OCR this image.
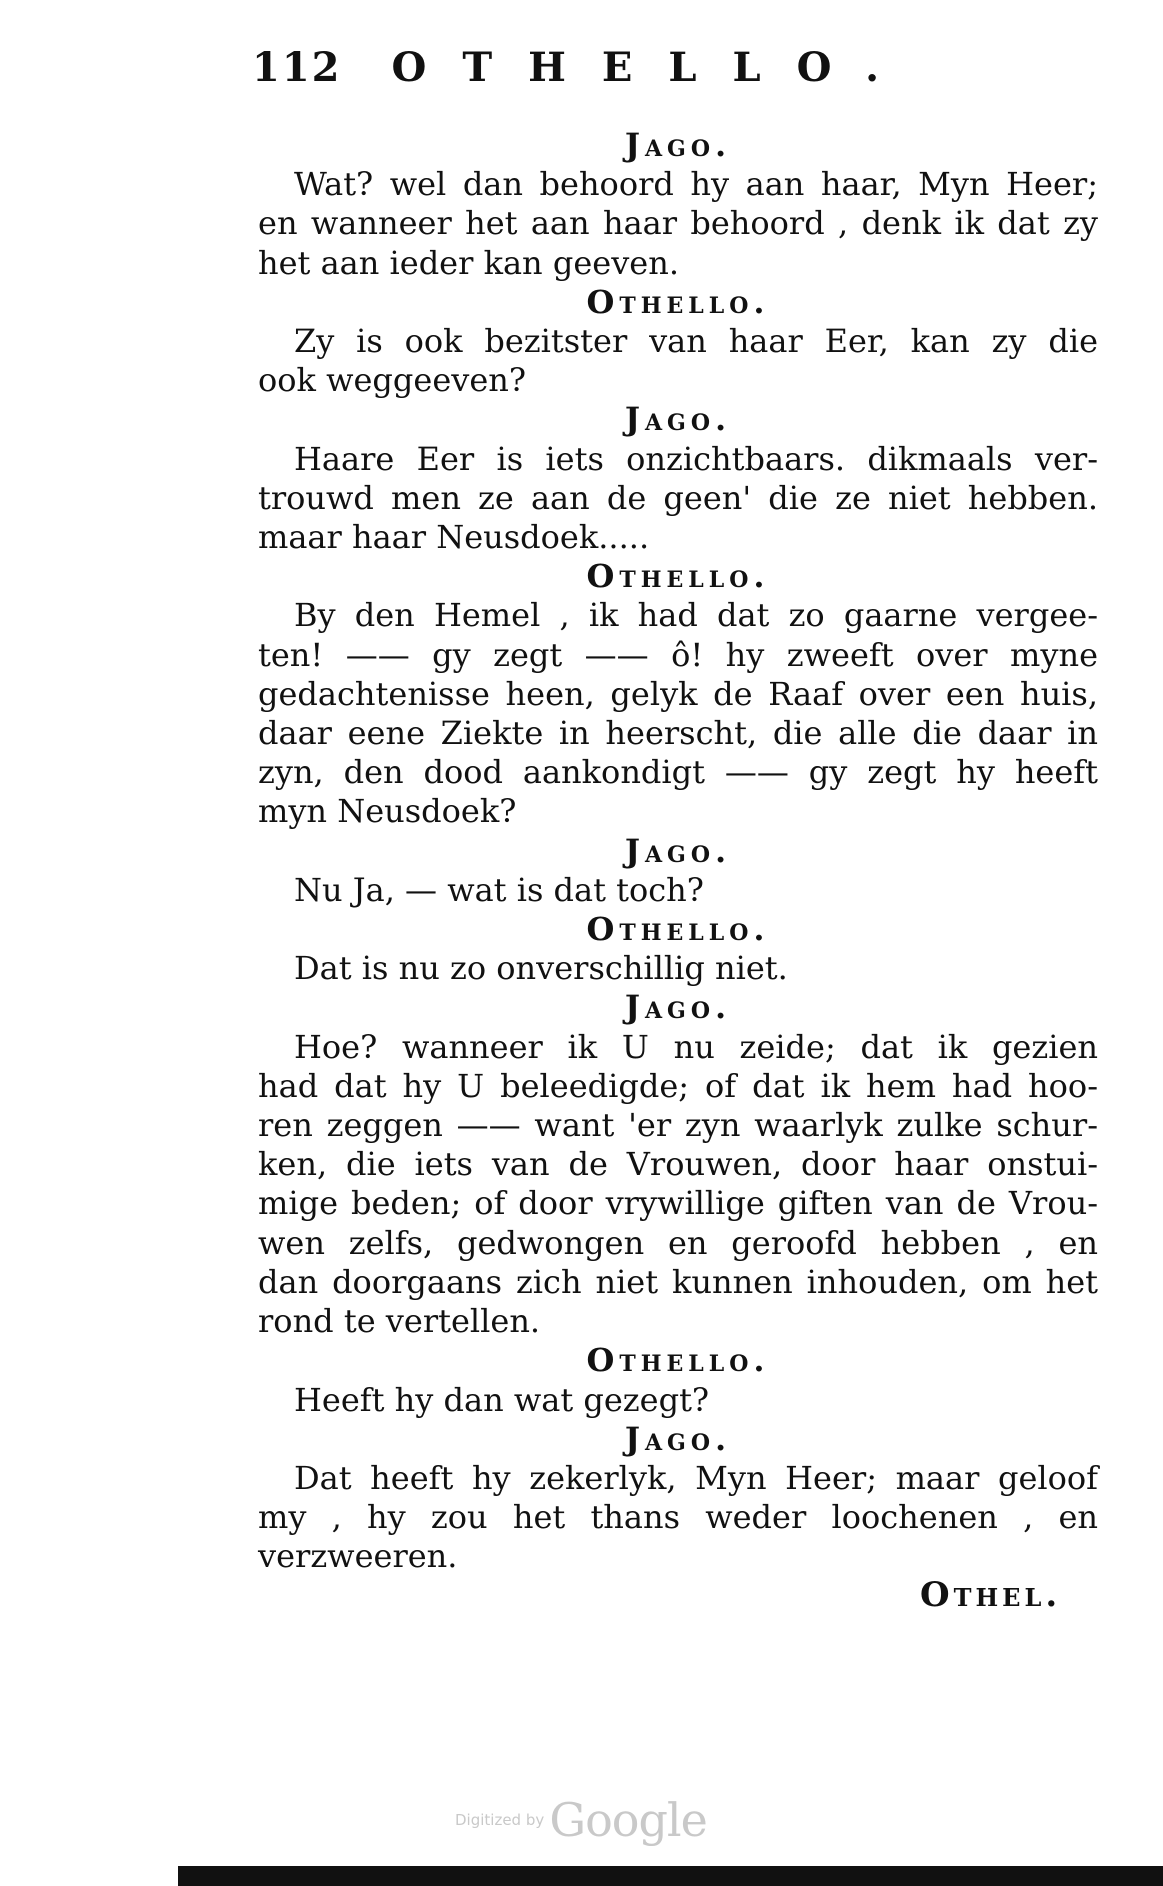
112 OTHELLO.
Jago.
Wat? wel dan behoord hy aan haar, Myn Heer;
en wanneer het aan haar behoord , denk ik dat zy
het aan ieder kan geeven.
Othello.
Zy is ook bezitster van haar Eer, kan zy die
ook weggeeven?
Jago.
Haare Eer is iets onzichtbaars. dikmaals ver-
trouwd men ze aan de geen' die ze niet hebben.
maar haar Neusdoek.....
Othello.
By den Hemel , ik had dat zo gaarne vergee-
ten! —— gy zegt —— ô! hy zweeft over myne
gedachtenisse heen, gelyk de Raaf over een huis,
daar eene Ziekte in heerscht, die alle die daar in
zyn, den dood aankondigt —— gy zegt hy heeft
myn Neusdoek?
Jago.
Nu Ja, — wat is dat toch?
Othello.
Dat is nu zo onverschillig niet.
Jago.
Hoe? wanneer ik U nu zeide; dat ik gezien
had dat hy U beleedigde; of dat ik hem had hoo-
ren zeggen —— want 'er zyn waarlyk zulke schur-
ken, die iets van de Vrouwen, door haar onstui-
mige beden; of door vrywillige giften van de Vrou-
wen zelfs, gedwongen en geroofd hebben , en
dan doorgaans zich niet kunnen inhouden, om het
rond te vertellen.
Othello.
Heeft hy dan wat gezegt?
Jago.
Dat heeft hy zekerlyk, Myn Heer; maar geloof
my , hy zou het thans weder loochenen , en
verzweeren.
Othel.
Digitized by Google
